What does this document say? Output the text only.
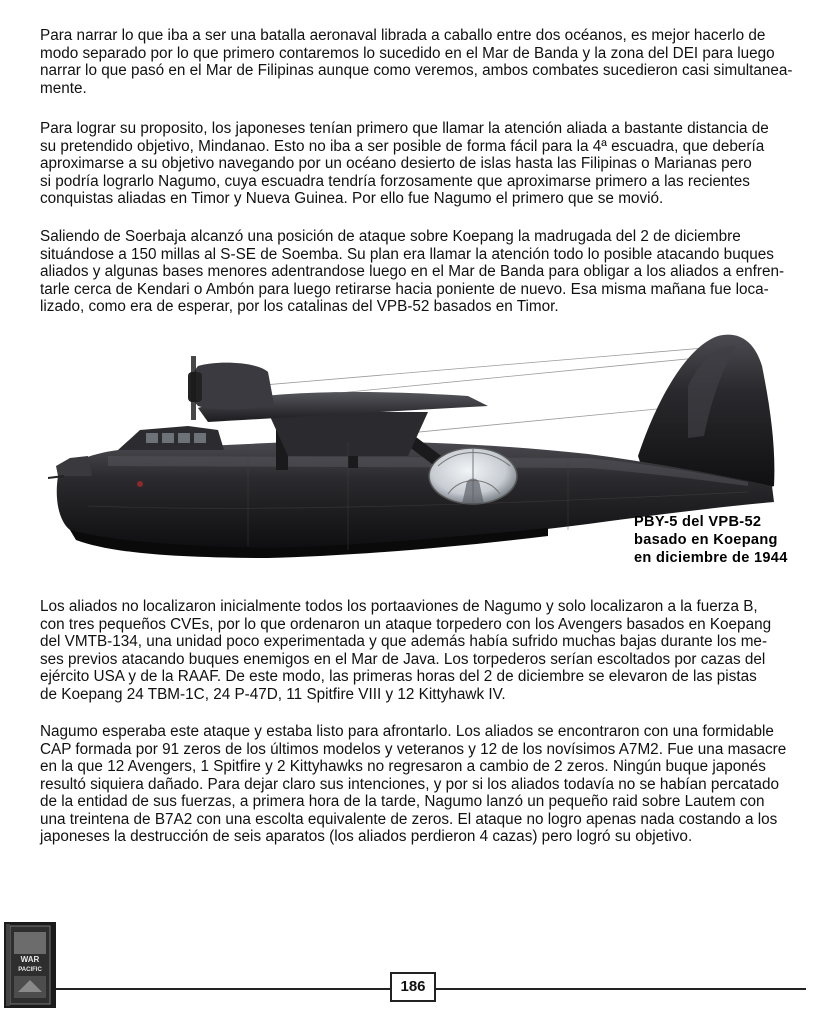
Para narrar lo que iba a ser una batalla aeronaval librada a caballo entre dos océanos, es mejor hacerlo de
modo separado por lo que primero contaremos lo sucedido en el Mar de Banda y la zona del DEI para luego
narrar lo que pasó en el Mar de Filipinas aunque como veremos, ambos combates sucedieron casi simultanea-
mente.
Para lograr su proposito, los japoneses tenían primero que llamar la atención aliada a bastante distancia de
su pretendido objetivo, Mindanao. Esto no iba a ser posible de forma fácil para la 4ª escuadra, que debería
aproximarse a su objetivo navegando por un océano desierto de islas hasta las Filipinas o Marianas pero
si podría lograrlo Nagumo, cuya escuadra tendría forzosamente que aproximarse primero a las recientes
conquistas aliadas en Timor y Nueva Guinea. Por ello fue Nagumo el primero que se movió.
Saliendo de Soerbaja alcanzó una posición de ataque sobre Koepang la madrugada del 2 de diciembre
situándose a 150 millas al S-SE de Soemba. Su plan era llamar la atención todo lo posible atacando buques
aliados y algunas bases menores adentrandose luego en el Mar de Banda para obligar a los aliados a enfren-
tarle cerca de Kendari o Ambón para luego retirarse hacia poniente de nuevo. Esa misma mañana fue loca-
lizado, como era de esperar, por los catalinas del VPB-52 basados en Timor.
PBY-5 del VPB-52
basado en Koepang
en diciembre de 1944
Los aliados no localizaron inicialmente todos los portaaviones de Nagumo y solo localizaron a la fuerza B,
con tres pequeños CVEs, por lo que ordenaron un ataque torpedero con los Avengers basados en Koepang
del VMTB-134, una unidad poco experimentada y que además había sufrido muchas bajas durante los me-
ses previos atacando buques enemigos en el Mar de Java. Los torpederos serían escoltados por cazas del
ejército USA y de la RAAF. De este modo, las primeras horas del 2 de diciembre se elevaron de las pistas
de Koepang 24 TBM-1C, 24 P-47D, 11 Spitfire VIII y 12 Kittyhawk IV.
Nagumo esperaba este ataque y estaba listo para afrontarlo. Los aliados se encontraron con una formidable
CAP formada por 91 zeros de los últimos modelos y veteranos y 12 de los novísimos A7M2. Fue una masacre
en la que 12 Avengers, 1 Spitfire y 2 Kittyhawks no regresaron a cambio de 2 zeros. Ningún buque japonés
resultó siquiera dañado. Para dejar claro sus intenciones, y por si los aliados todavía no se habían percatado
de la entidad de sus fuerzas, a primera hora de la tarde, Nagumo lanzó un pequeño raid sobre Lautem con
una treintena de B7A2 con una escolta equivalente de zeros. El ataque no logro apenas nada costando a los
japoneses la destrucción de seis aparatos (los aliados perdieron 4 cazas) pero logró su objetivo.
WAR
PACIFIC
186
